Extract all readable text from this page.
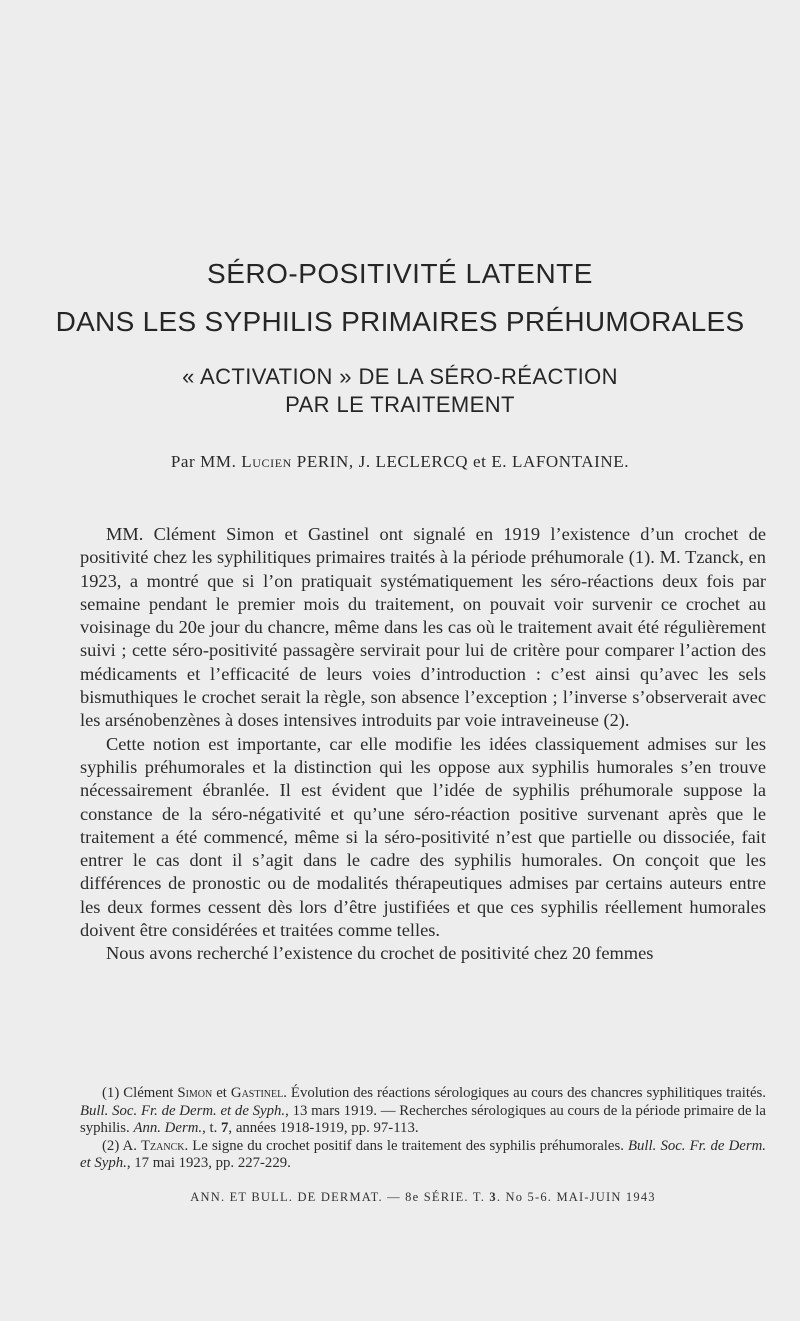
SÉRO-POSITIVITÉ LATENTE
DANS LES SYPHILIS PRIMAIRES PRÉHUMORALES
« ACTIVATION » DE LA SÉRO-RÉACTION
PAR LE TRAITEMENT
Par MM. Lucien PERIN, J. LECLERCQ et E. LAFONTAINE.

MM. Clément Simon et Gastinel ont signalé en 1919 l’existence d’un crochet de positivité chez les syphilitiques primaires traités à la période préhumorale (1). M. Tzanck, en 1923, a montré que si l’on pratiquait systématiquement les séro-réactions deux fois par semaine pendant le premier mois du traitement, on pouvait voir survenir ce crochet au voisinage du 20e jour du chancre, même dans les cas où le traitement avait été régulièrement suivi ; cette séro-positivité passagère servirait pour lui de critère pour comparer l’action des médicaments et l’efficacité de leurs voies d’introduction : c’est ainsi qu’avec les sels bismuthiques le crochet serait la règle, son absence l’exception ; l’inverse s’observerait avec les arsénobenzènes à doses intensives introduits par voie intraveineuse (2).

Cette notion est importante, car elle modifie les idées classiquement admises sur les syphilis préhumorales et la distinction qui les oppose aux syphilis humorales s’en trouve nécessairement ébranlée. Il est évident que l’idée de syphilis préhumorale suppose la constance de la séro-négativité et qu’une séro-réaction positive survenant après que le traitement a été commencé, même si la séro-positivité n’est que partielle ou dissociée, fait entrer le cas dont il s’agit dans le cadre des syphilis humorales. On conçoit que les différences de pronostic ou de modalités thérapeutiques admises par certains auteurs entre les deux formes cessent dès lors d’être justifiées et que ces syphilis réellement humorales doivent être considérées et traitées comme telles.

Nous avons recherché l’existence du crochet de positivité chez 20 femmes

(1) Clément Simon et Gastinel. Évolution des réactions sérologiques au cours des chancres syphilitiques traités. Bull. Soc. Fr. de Derm. et de Syph., 13 mars 1919. — Recherches sérologiques au cours de la période primaire de la syphilis. Ann. Derm., t. 7, années 1918-1919, pp. 97-113.

(2) A. Tzanck. Le signe du crochet positif dans le traitement des syphilis préhumorales. Bull. Soc. Fr. de Derm. et Syph., 17 mai 1923, pp. 227-229.

ANN. ET BULL. DE DERMAT. — 8e SÉRIE. T. 3. No 5-6. MAI-JUIN 1943
